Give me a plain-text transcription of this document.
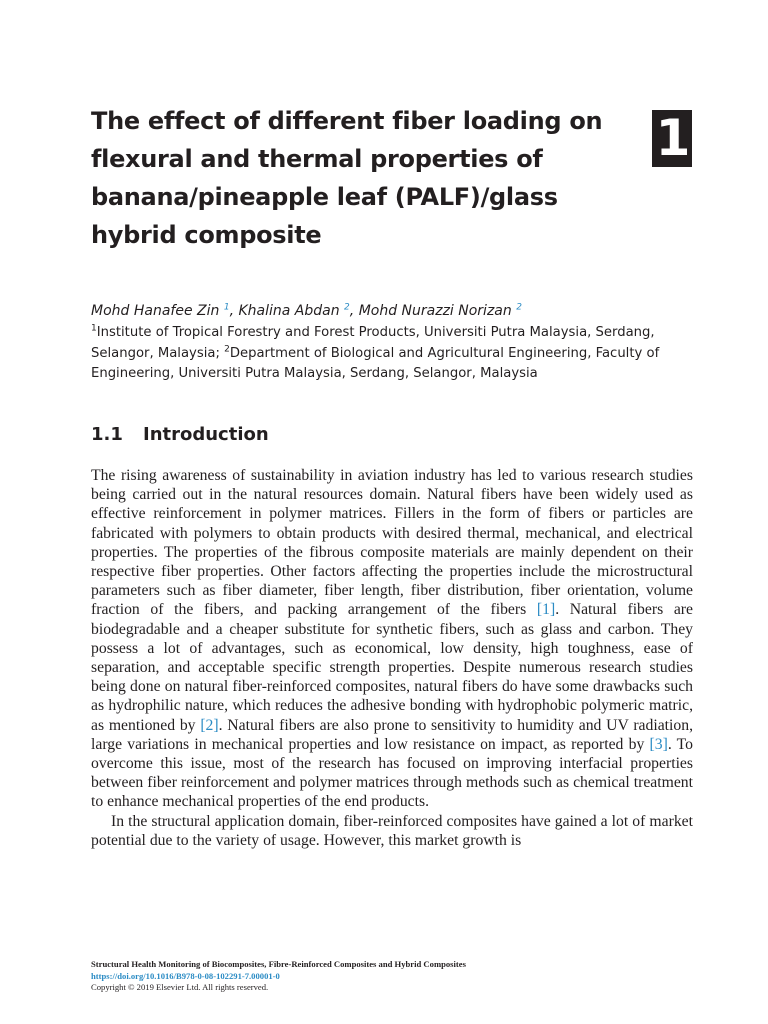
The effect of different fiber loading on flexural and thermal properties of banana/pineapple leaf (PALF)/glass hybrid composite
1

Mohd Hanafee Zin $^1$, Khalina Abdan $^2$, Mohd Nurazzi Norizan $^2$

$^1$Institute of Tropical Forestry and Forest Products, Universiti Putra Malaysia, Serdang, Selangor, Malaysia; $^2$Department of Biological and Agricultural Engineering, Faculty of Engineering, Universiti Putra Malaysia, Serdang, Selangor, Malaysia

1.1 Introduction

The rising awareness of sustainability in aviation industry has led to various research studies being carried out in the natural resources domain. Natural fibers have been widely used as effective reinforcement in polymer matrices. Fillers in the form of fibers or particles are fabricated with polymers to obtain products with desired thermal, mechanical, and electrical properties. The properties of the fibrous composite materials are mainly dependent on their respective fiber properties. Other factors affecting the properties include the microstructural parameters such as fiber diameter, fiber length, fiber distribution, fiber orientation, volume fraction of the fibers, and packing arrangement of the fibers [1]. Natural fibers are biodegradable and a cheaper substitute for synthetic fibers, such as glass and carbon. They possess a lot of advantages, such as economical, low density, high toughness, ease of separation, and acceptable specific strength properties. Despite numerous research studies being done on natural fiber-reinforced composites, natural fibers do have some drawbacks such as hydrophilic nature, which reduces the adhesive bonding with hydrophobic polymeric matric, as mentioned by [2]. Natural fibers are also prone to sensitivity to humidity and UV radiation, large variations in mechanical properties and low resistance on impact, as reported by [3]. To overcome this issue, most of the research has focused on improving interfacial properties between fiber reinforcement and polymer matrices through methods such as chemical treatment to enhance mechanical properties of the end products.

In the structural application domain, fiber-reinforced composites have gained a lot of market potential due to the variety of usage. However, this market growth is

Structural Health Monitoring of Biocomposites, Fibre-Reinforced Composites and Hybrid Composites
https://doi.org/10.1016/B978-0-08-102291-7.00001-0
Copyright © 2019 Elsevier Ltd. All rights reserved.
